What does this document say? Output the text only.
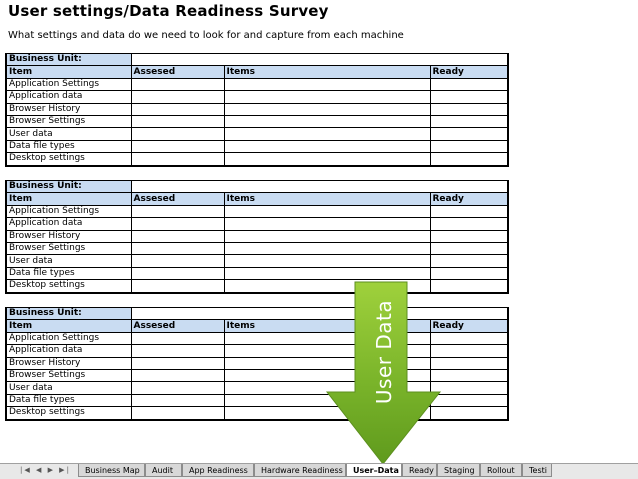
User settings/Data Readiness Survey
What settings and data do we need to look for and capture from each machine
Business Unit:			
Item	Assesed	Items	Ready
Application Settings			
Application data			
Browser History			
Browser Settings			
User data			
Data file types			
Desktop settings			
Business Unit:			
Item	Assesed	Items	Ready
Application Settings			
Application data			
Browser History			
Browser Settings			
User data			
Data file types			
Desktop settings			
Business Unit:			
Item	Assesed	Items	Ready
Application Settings			
Application data			
Browser History			
Browser Settings			
User data			
Data file types			
Desktop settings			
User Data
|◀ ◀ ▶ ▶|	Business Map	Audit	App Readiness	Hardware Readiness	User–Data	Ready	Staging	Rollout	Testi
